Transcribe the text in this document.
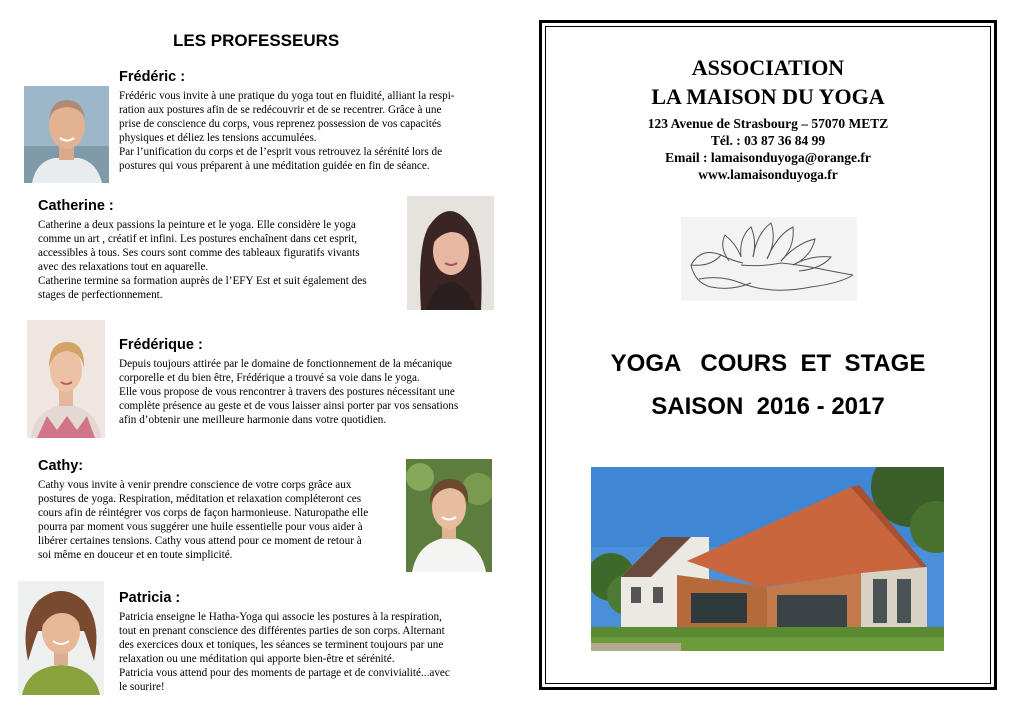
LES PROFESSEURS
Frédéric :

Frédéric vous invite à une pratique du yoga tout en fluidité, alliant la respi-

ration aux postures afin de se redécouvrir et de se recentrer. Grâce à une

prise de conscience du corps, vous reprenez possession de vos capacités

physiques et déliez les tensions accumulées.

Par l’unification du corps et de l’esprit vous retrouvez la sérénité lors de

postures qui vous préparent à une méditation guidée en fin de séance.

Catherine :

Catherine a deux passions la peinture et le yoga. Elle considère le yoga

comme un art , créatif et infini. Les postures enchaînent dans cet esprit,

accessibles à tous. Ses cours sont comme des tableaux figuratifs vivants

avec des relaxations tout en aquarelle.

Catherine termine sa formation auprès de l’EFY Est et suit également des

stages de perfectionnement.

Frédérique :

Depuis toujours attirée par le domaine de fonctionnement de la mécanique

corporelle et du bien être, Frédérique a trouvé sa voie dans le yoga.

Elle vous propose de vous rencontrer à travers des postures nécessitant une

complète présence au geste et de vous laisser ainsi porter par vos sensations

afin d’obtenir une meilleure harmonie dans votre quotidien.

Cathy:

Cathy vous invite à venir prendre conscience de votre corps grâce aux

postures de yoga. Respiration, méditation et relaxation compléteront ces

cours afin de réintégrer vos corps de façon harmonieuse. Naturopathe elle

pourra par moment vous suggérer une huile essentielle pour vous aider à

libérer certaines tensions. Cathy vous attend pour ce moment de retour à

soi même en douceur et en toute simplicité.

Patricia :

Patricia enseigne le Hatha-Yoga qui associe les postures à la respiration,

tout en prenant conscience des différentes parties de son corps. Alternant

des exercices doux et toniques, les séances se terminent toujours par une

relaxation ou une méditation qui apporte bien-être et sérénité.

Patricia vous attend pour des moments de partage et de convivialité...avec

le sourire!

ASSOCIATION
LA MAISON DU YOGA
123 Avenue de Strasbourg – 57070 METZ
Tél. : 03 87 36 84 99
Email : lamaisonduyoga@orange.fr
www.lamaisonduyoga.fr
YOGA   COURS  ET  STAGE
SAISON  2016 - 2017
